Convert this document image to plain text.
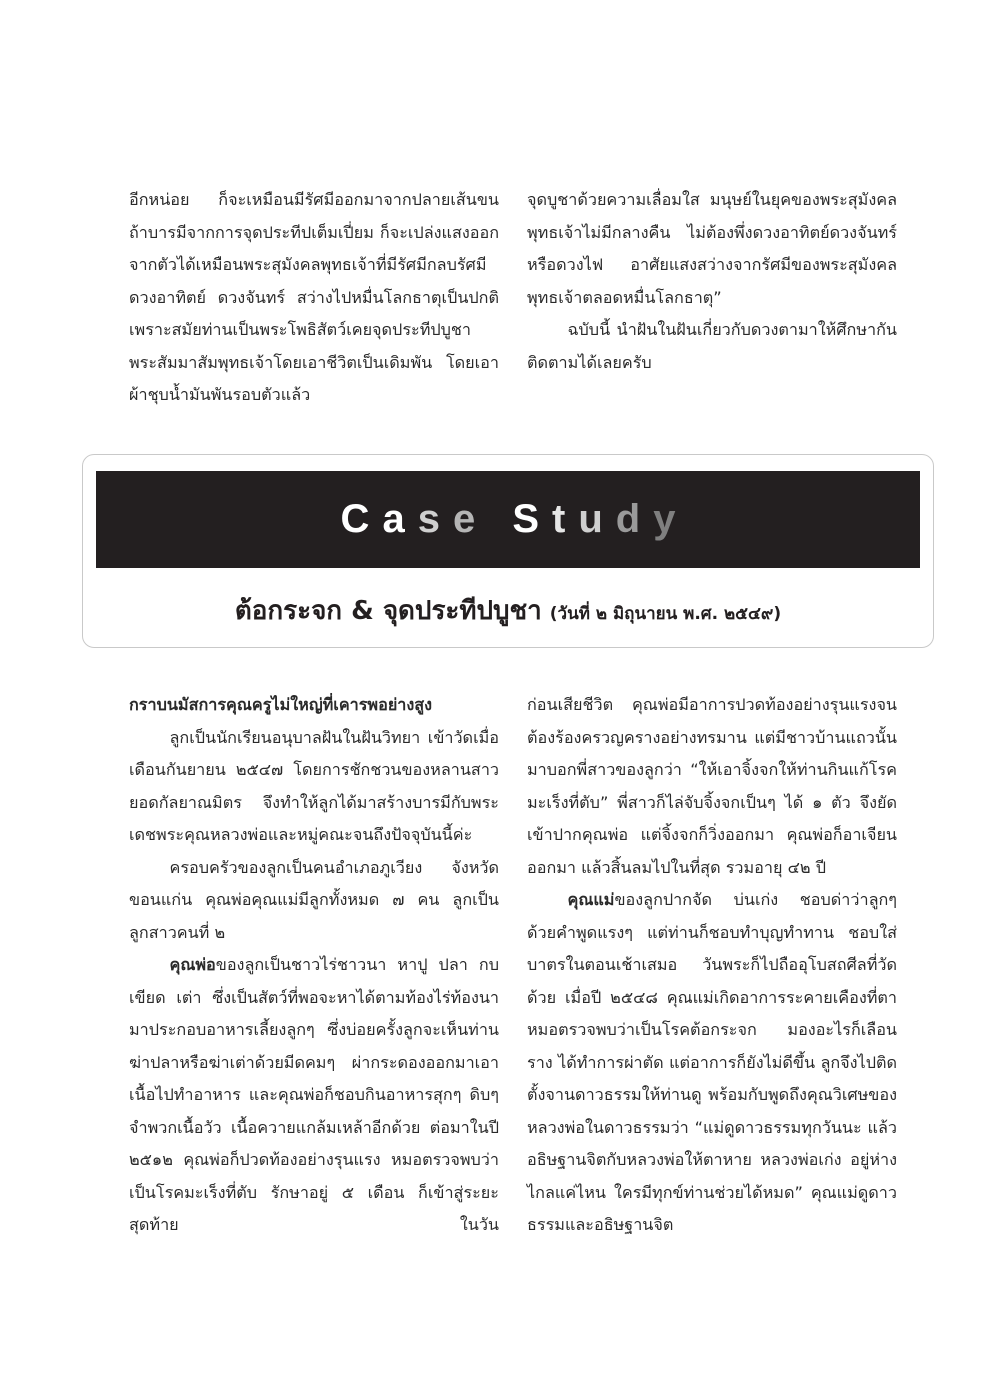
อีกหน่อย ก็จะเหมือนมีรัศมีออกมาจากปลายเส้นขน ถ้าบารมีจากการจุดประทีปเต็มเปี่ยม ก็จะเปล่งแสงออกจากตัวได้เหมือนพระสุมังคลพุทธเจ้าที่มีรัศมีกลบรัศมีดวงอาทิตย์ ดวงจันทร์ สว่างไปหมื่นโลกธาตุเป็นปกติ เพราะสมัยท่านเป็นพระโพธิสัตว์เคยจุดประทีปบูชาพระสัมมาสัมพุทธเจ้าโดยเอาชีวิตเป็นเดิมพัน โดยเอาผ้าชุบน้ำมันพันรอบตัวแล้ว

จุดบูชาด้วยความเลื่อมใส มนุษย์ในยุคของพระสุมังคลพุทธเจ้าไม่มีกลางคืน ไม่ต้องพึ่งดวงอาทิตย์ดวงจันทร์ หรือดวงไฟ อาศัยแสงสว่างจากรัศมีของพระสุมังคลพุทธเจ้าตลอดหมื่นโลกธาตุ”

ฉบับนี้ นำฝันในฝันเกี่ยวกับดวงตามาให้ศึกษากัน ติดตามได้เลยครับ

Case Study
ต้อกระจก & จุดประทีปบูชา (วันที่ ๒ มิถุนายน พ.ศ. ๒๕๔๙)

กราบนมัสการคุณครูไม่ใหญ่ที่เคารพอย่างสูง

ลูกเป็นนักเรียนอนุบาลฝันในฝันวิทยา เข้าวัดเมื่อเดือนกันยายน ๒๕๔๗ โดยการชักชวนของหลานสาวยอดกัลยาณมิตร จึงทำให้ลูกได้มาสร้างบารมีกับพระเดชพระคุณหลวงพ่อและหมู่คณะจนถึงปัจจุบันนี้ค่ะ

ครอบครัวของลูกเป็นคนอำเภอภูเวียง จังหวัดขอนแก่น คุณพ่อคุณแม่มีลูกทั้งหมด ๗ คน ลูกเป็นลูกสาวคนที่ ๒

คุณพ่อของลูกเป็นชาวไร่ชาวนา หาปู ปลา กบ เขียด เต่า ซึ่งเป็นสัตว์ที่พอจะหาได้ตามท้องไร่ท้องนา มาประกอบอาหารเลี้ยงลูกๆ ซึ่งบ่อยครั้งลูกจะเห็นท่านฆ่าปลาหรือฆ่าเต่าด้วยมีดคมๆ ผ่ากระดองออกมาเอาเนื้อไปทำอาหาร และคุณพ่อก็ชอบกินอาหารสุกๆ ดิบๆ จำพวกเนื้อวัว เนื้อควายแกล้มเหล้าอีกด้วย ต่อมาในปี ๒๕๑๒ คุณพ่อก็ปวดท้องอย่างรุนแรง หมอตรวจพบว่าเป็นโรคมะเร็งที่ตับ รักษาอยู่ ๕ เดือน ก็เข้าสู่ระยะสุดท้าย ในวัน

ก่อนเสียชีวิต คุณพ่อมีอาการปวดท้องอย่างรุนแรงจนต้องร้องครวญครางอย่างทรมาน แต่มีชาวบ้านแถวนั้นมาบอกพี่สาวของลูกว่า “ให้เอาจิ้งจกให้ท่านกินแก้โรคมะเร็งที่ตับ” พี่สาวก็ไล่จับจิ้งจกเป็นๆ ได้ ๑ ตัว จึงยัดเข้าปากคุณพ่อ แต่จิ้งจกก็วิ่งออกมา คุณพ่อก็อาเจียนออกมา แล้วสิ้นลมไปในที่สุด รวมอายุ ๔๒ ปี

คุณแม่ของลูกปากจัด บ่นเก่ง ชอบด่าว่าลูกๆ ด้วยคำพูดแรงๆ แต่ท่านก็ชอบทำบุญทำทาน ชอบใส่บาตรในตอนเช้าเสมอ วันพระก็ไปถืออุโบสถศีลที่วัดด้วย เมื่อปี ๒๕๔๘ คุณแม่เกิดอาการระคายเคืองที่ตา หมอตรวจพบว่าเป็นโรคต้อกระจก มองอะไรก็เลือนราง ได้ทำการผ่าตัด แต่อาการก็ยังไม่ดีขึ้น ลูกจึงไปติดตั้งจานดาวธรรมให้ท่านดู พร้อมกับพูดถึงคุณวิเศษของหลวงพ่อในดาวธรรมว่า “แม่ดูดาวธรรมทุกวันนะ แล้วอธิษฐานจิตกับหลวงพ่อให้ตาหาย หลวงพ่อเก่ง อยู่ห่างไกลแค่ไหน ใครมีทุกข์ท่านช่วยได้หมด” คุณแม่ดูดาวธรรมและอธิษฐานจิต
